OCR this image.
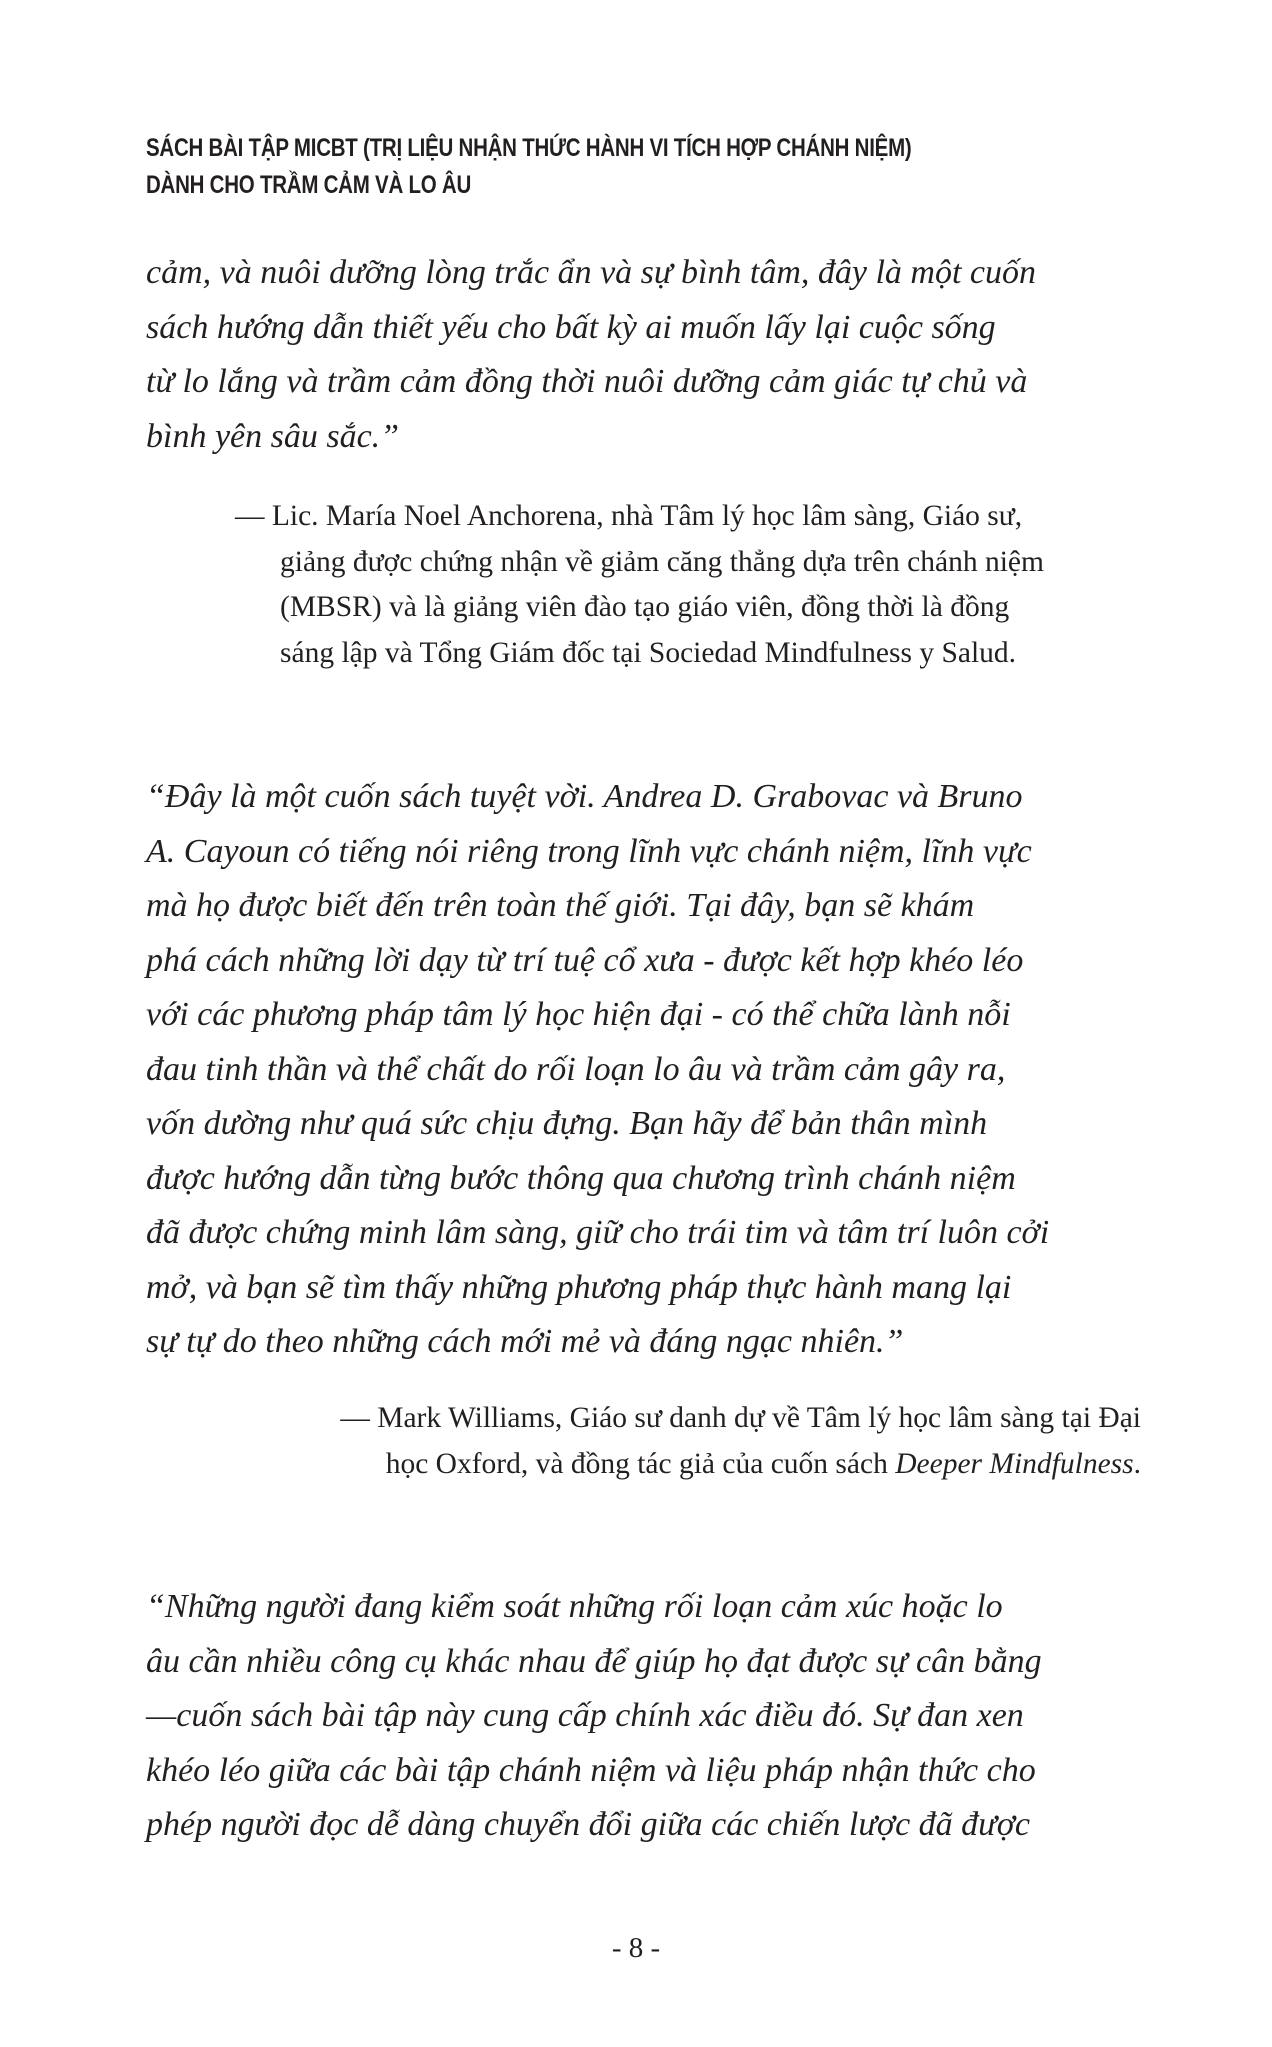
SÁCH BÀI TẬP MICBT (TRỊ LIỆU NHẬN THỨC HÀNH VI TÍCH HỢP CHÁNH NIỆM)
DÀNH CHO TRẦM CẢM VÀ LO ÂU

cảm, và nuôi dưỡng lòng trắc ẩn và sự bình tâm, đây là một cuốn
sách hướng dẫn thiết yếu cho bất kỳ ai muốn lấy lại cuộc sống
từ lo lắng và trầm cảm đồng thời nuôi dưỡng cảm giác tự chủ và
bình yên sâu sắc.”

— Lic. María Noel Anchorena, nhà Tâm lý học lâm sàng, Giáo sư,
giảng được chứng nhận về giảm căng thẳng dựa trên chánh niệm
(MBSR) và là giảng viên đào tạo giáo viên, đồng thời là đồng
sáng lập và Tổng Giám đốc tại Sociedad Mindfulness y Salud.

“Đây là một cuốn sách tuyệt vời. Andrea D. Grabovac và Bruno
A. Cayoun có tiếng nói riêng trong lĩnh vực chánh niệm, lĩnh vực
mà họ được biết đến trên toàn thế giới. Tại đây, bạn sẽ khám
phá cách những lời dạy từ trí tuệ cổ xưa - được kết hợp khéo léo
với các phương pháp tâm lý học hiện đại - có thể chữa lành nỗi
đau tinh thần và thể chất do rối loạn lo âu và trầm cảm gây ra,
vốn dường như quá sức chịu đựng. Bạn hãy để bản thân mình
được hướng dẫn từng bước thông qua chương trình chánh niệm
đã được chứng minh lâm sàng, giữ cho trái tim và tâm trí luôn cởi
mở, và bạn sẽ tìm thấy những phương pháp thực hành mang lại
sự tự do theo những cách mới mẻ và đáng ngạc nhiên.”

— Mark Williams, Giáo sư danh dự về Tâm lý học lâm sàng tại Đại
học Oxford, và đồng tác giả của cuốn sách Deeper Mindfulness.

“Những người đang kiểm soát những rối loạn cảm xúc hoặc lo
âu cần nhiều công cụ khác nhau để giúp họ đạt được sự cân bằng
—cuốn sách bài tập này cung cấp chính xác điều đó. Sự đan xen
khéo léo giữa các bài tập chánh niệm và liệu pháp nhận thức cho
phép người đọc dễ dàng chuyển đổi giữa các chiến lược đã được

- 8 -
